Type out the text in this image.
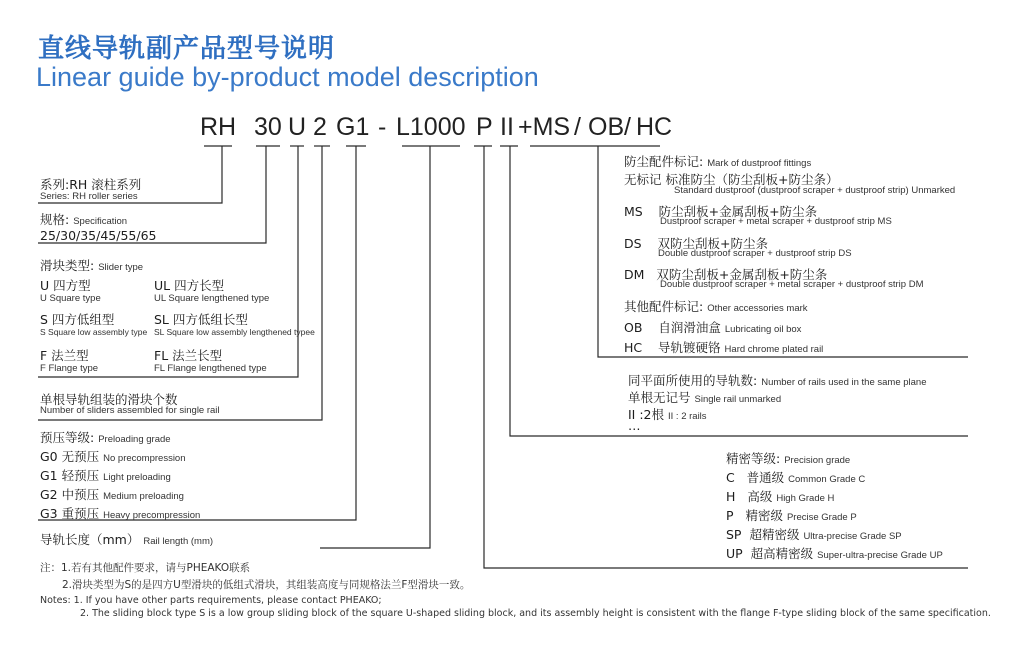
直线导轨副产品型号说明
Linear guide by-product model description
RH 30 U 2 G1 - L1000 P II +MS / OB / HC
系列:RH 滚柱系列
Series: RH roller series
规格: Specification
25/30/35/45/55/65
滑块类型: Slider type
U 四方型
U Square type
UL 四方长型
UL Square lengthened type
S 四方低组型
S Square low assembly type
SL 四方低组长型
SL Square low assembly lengthened typee
F 法兰型
F Flange type
FL 法兰长型
FL Flange lengthened type
单根导轨组装的滑块个数
Number of sliders assembled for single rail
预压等级: Preloading grade
G0 无预压 No precompression
G1 轻预压 Light preloading
G2 中预压 Medium preloading
G3 重预压 Heavy precompression
导轨长度（mm） Rail length (mm)
防尘配件标记: Mark of dustproof fittings
无标记 标准防尘（防尘刮板+防尘条）
Standard dustproof (dustproof scraper + dustproof strip) Unmarked
MS 防尘刮板+金属刮板+防尘条
Dustproof scraper + metal scraper + dustproof strip MS
DS 双防尘刮板+防尘条
Double dustproof scraper + dustproof strip DS
DM 双防尘刮板+金属刮板+防尘条
Double dustproof scraper + metal scraper + dustproof strip DM
其他配件标记: Other accessories mark
OB 自润滑油盒 Lubricating oil box
HC 导轨镀硬铬 Hard chrome plated rail
同平面所使用的导轨数: Number of rails used in the same plane
单根无记号 Single rail unmarked
II :2根 II : 2 rails
…
精密等级: Precision grade
C 普通级 Common Grade C
H 高级 High Grade H
P 精密级 Precise Grade P
SP 超精密级 Ultra-precise Grade SP
UP 超高精密级 Super-ultra-precise Grade UP
注：1.若有其他配件要求，请与PHEAKO联系
2.滑块类型为S的是四方U型滑块的低组式滑块，其组装高度与同规格法兰F型滑块一致。
Notes: 1. If you have other parts requirements, please contact PHEAKO;
2. The sliding block type S is a low group sliding block of the square U-shaped sliding block, and its assembly height is consistent with the flange F-type sliding block of the same specification.
